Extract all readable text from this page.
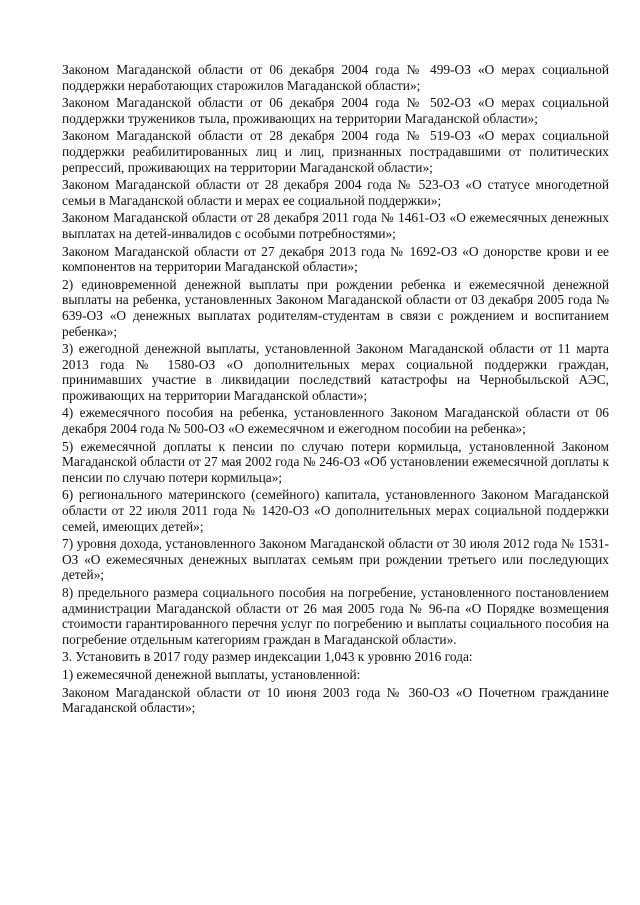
Законом Магаданской области от 06 декабря 2004 года № 499-ОЗ «О мерах социальной поддержки неработающих старожилов Магаданской области»;

Законом Магаданской области от 06 декабря 2004 года № 502-ОЗ «О мерах социальной поддержки тружеников тыла, проживающих на территории Магаданской области»;

Законом Магаданской области от 28 декабря 2004 года № 519-ОЗ «О мерах социальной поддержки реабилитированных лиц и лиц, признанных пострадавшими от политических репрессий, проживающих на территории Магаданской области»;

Законом Магаданской области от 28 декабря 2004 года № 523-ОЗ «О статусе многодетной семьи в Магаданской области и мерах ее социальной поддержки»;

Законом Магаданской области от 28 декабря 2011 года № 1461-ОЗ «О ежемесячных денежных выплатах на детей-инвалидов с особыми потребностями»;

Законом Магаданской области от 27 декабря 2013 года № 1692-ОЗ «О донорстве крови и ее компонентов на территории Магаданской области»;

2) единовременной денежной выплаты при рождении ребенка и ежемесячной денежной выплаты на ребенка, установленных Законом Магаданской области от 03 декабря 2005 года № 639-ОЗ «О денежных выплатах родителям-студентам в связи с рождением и воспитанием ребенка»;

3) ежегодной денежной выплаты, установленной Законом Магаданской области от 11 марта 2013 года № 1580-ОЗ «О дополнительных мерах социальной поддержки граждан, принимавших участие в ликвидации последствий катастрофы на Чернобыльской АЭС, проживающих на территории Магаданской области»;

4) ежемесячного пособия на ребенка, установленного Законом Магаданской области от 06 декабря 2004 года № 500-ОЗ «О ежемесячном и ежегодном пособии на ребенка»;

5) ежемесячной доплаты к пенсии по случаю потери кормильца, установленной Законом Магаданской области от 27 мая 2002 года № 246-ОЗ «Об установлении ежемесячной доплаты к пенсии по случаю потери кормильца»;

6) регионального материнского (семейного) капитала, установленного Законом Магаданской области от 22 июля 2011 года № 1420-ОЗ «О дополнительных мерах социальной поддержки семей, имеющих детей»;

7) уровня дохода, установленного Законом Магаданской области от 30 июля 2012 года № 1531-ОЗ «О ежемесячных денежных выплатах семьям при рождении третьего или последующих детей»;

8) предельного размера социального пособия на погребение, установленного постановлением администрации Магаданской области от 26 мая 2005 года № 96-па «О Порядке возмещения стоимости гарантированного перечня услуг по погребению и выплаты социального пособия на погребение отдельным категориям граждан в Магаданской области».

3. Установить в 2017 году размер индексации 1,043 к уровню 2016 года:

1) ежемесячной денежной выплаты, установленной:

Законом Магаданской области от 10 июня 2003 года № 360-ОЗ «О Почетном гражданине Магаданской области»;
